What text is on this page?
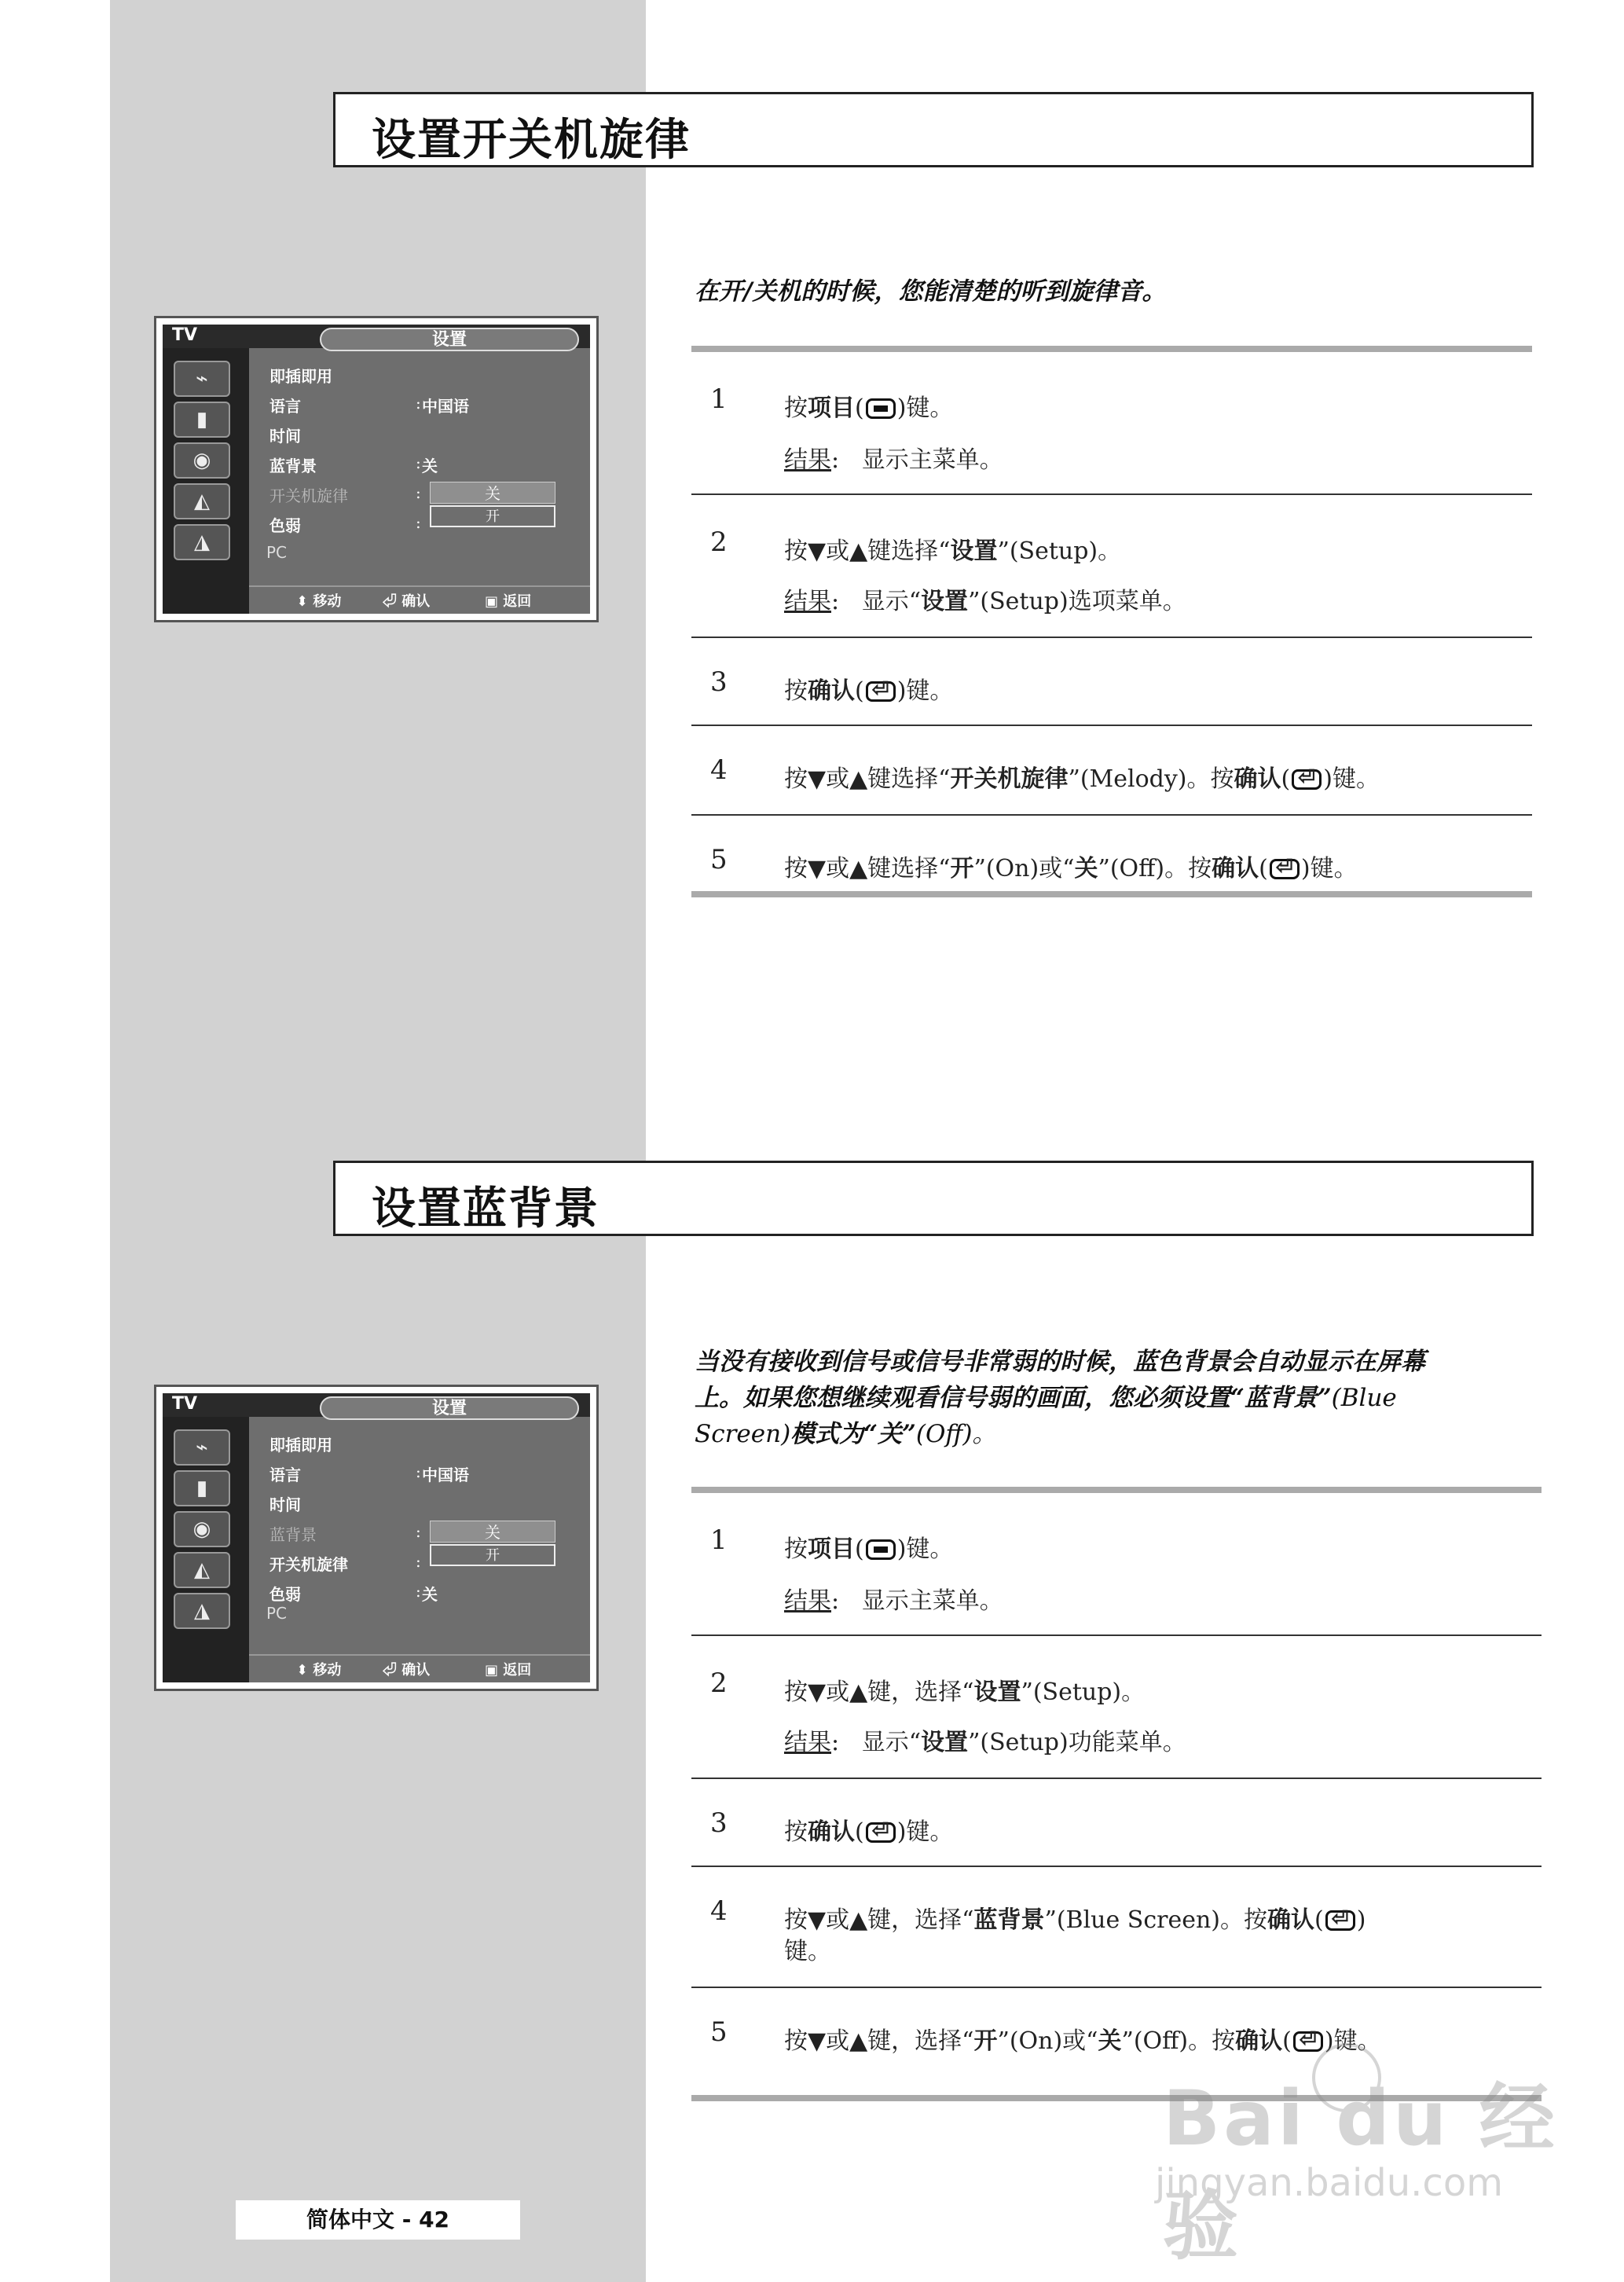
设置开关机旋律
在开/关机的时候，您能清楚的听到旋律音。
TV	设置
⌁
▮
◉
◭
◮
即插即用
语言	: 中国语
时间
蓝背景	: 关
开关机旋律	:	关
开
色弱	:
PC
⬍ 移动	⏎ 确认	▣ 返回
1 按项目( )键。
结果:   显示主菜单。
2 按▼或▲键选择“设置”(Setup)。
结果:   显示“设置”(Setup)选项菜单。
3 按确认( ⏎ )键。
4 按▼或▲键选择“开关机旋律”(Melody)。按确认( ⏎ )键。
5 按▼或▲键选择“开”(On)或“关”(Off)。按确认( ⏎ )键。
设置蓝背景
当没有接收到信号或信号非常弱的时候，蓝色背景会自动显示在屏幕
上。如果您想继续观看信号弱的画面，您必须设置“蓝背景”(Blue
Screen)模式为“关”(Off)。
TV	设置
⌁
▮
◉
◭
◮
即插即用
语言	: 中国语
时间
蓝背景	:	关
开
开关机旋律	:
色弱	: 关
PC
⬍ 移动	⏎ 确认	▣ 返回
1 按项目( )键。
结果:   显示主菜单。
2 按▼或▲键，选择“设置”(Setup)。
结果:   显示“设置”(Setup)功能菜单。
3 按确认( ⏎ )键。
4 按▼或▲键，选择“蓝背景”(Blue Screen)。按确认( ⏎ )
键。
5 按▼或▲键，选择“开”(On)或“关”(Off)。按确认( ⏎ )键。
简体中文 - 42
Bai du 经验
jingyan.baidu.com
